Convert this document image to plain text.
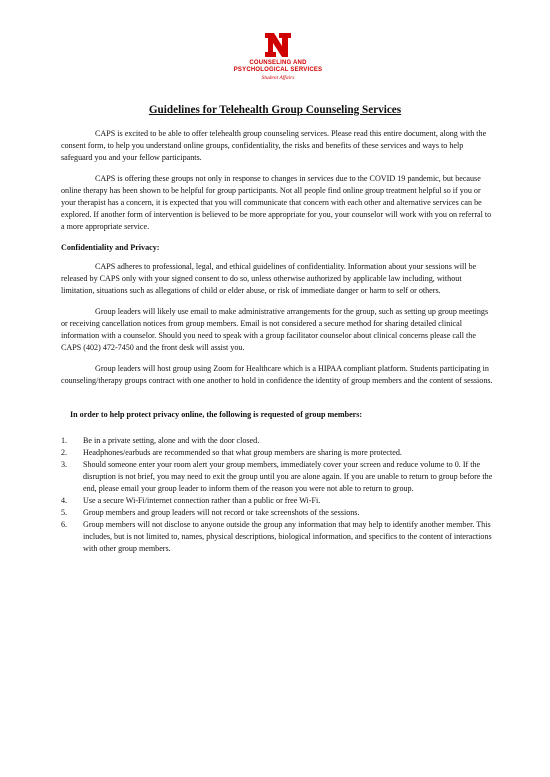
COUNSELING AND
PSYCHOLOGICAL SERVICES
Student Affairs
Guidelines for Telehealth Group Counseling Services

CAPS is excited to be able to offer telehealth group counseling services. Please read this entire document, along with the consent form, to help you understand online groups, confidentiality, the risks and benefits of these services and ways to help safeguard you and your fellow participants.

CAPS is offering these groups not only in response to changes in services due to the COVID 19 pandemic, but because online therapy has been shown to be helpful for group participants. Not all people find online group treatment helpful so if you or your therapist has a concern, it is expected that you will communicate that concern with each other and alternative services can be explored. If another form of intervention is believed to be more appropriate for you, your counselor will work with you on referral to a more appropriate service.

Confidentiality and Privacy:

CAPS adheres to professional, legal, and ethical guidelines of confidentiality. Information about your sessions will be released by CAPS only with your signed consent to do so, unless otherwise authorized by applicable law including, without limitation, situations such as allegations of child or elder abuse, or risk of immediate danger or harm to self or others.

Group leaders will likely use email to make administrative arrangements for the group, such as setting up group meetings or receiving cancellation notices from group members. Email is not considered a secure method for sharing detailed clinical information with a counselor. Should you need to speak with a group facilitator counselor about clinical concerns please call the CAPS (402) 472-7450 and the front desk will assist you.

Group leaders will host group using Zoom for Healthcare which is a HIPAA compliant platform. Students participating in counseling/therapy groups contract with one another to hold in confidence the identity of group members and the content of sessions.

In order to help protect privacy online, the following is requested of group members:

1. Be in a private setting, alone and with the door closed.
2. Headphones/earbuds are recommended so that what group members are sharing is more protected.
3. Should someone enter your room alert your group members, immediately cover your screen and reduce volume to 0. If the disruption is not brief, you may need to exit the group until you are alone again. If you are unable to return to group before the end, please email your group leader to inform them of the reason you were not able to return to group.
4. Use a secure Wi-Fi/internet connection rather than a public or free Wi-Fi.
5. Group members and group leaders will not record or take screenshots of the sessions.
6. Group members will not disclose to anyone outside the group any information that may help to identify another member. This includes, but is not limited to, names, physical descriptions, biological information, and specifics to the content of interactions with other group members.
